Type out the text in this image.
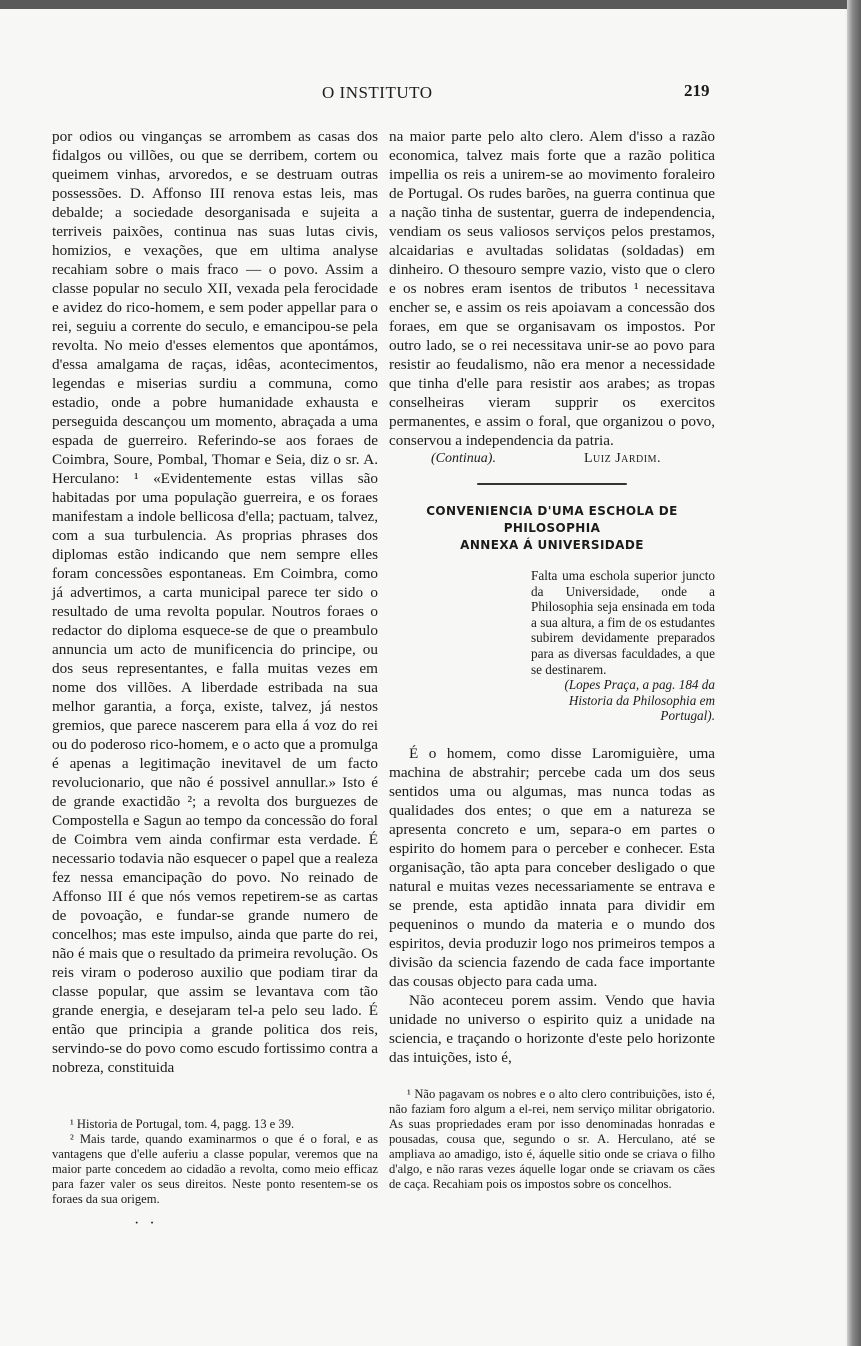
O INSTITUTO	219

por odios ou vinganças se arrombem as casas dos fidalgos ou villões, ou que se derribem, cortem ou queimem vinhas, arvoredos, e se destruam outras possessões. D. Affonso III renova estas leis, mas debalde; a sociedade desorganisada e sujeita a terriveis paixões, continua nas suas lutas civis, homizios, e vexações, que em ultima analyse recahiam sobre o mais fraco — o povo. Assim a classe popular no seculo XII, vexada pela ferocidade e avidez do rico-homem, e sem poder appellar para o rei, seguiu a corrente do seculo, e emancipou-se pela revolta. No meio d'esses elementos que apontámos, d'essa amalgama de raças, idêas, acontecimentos, legendas e miserias surdiu a communa, como estadio, onde a pobre humanidade exhausta e perseguida descançou um momento, abraçada a uma espada de guerreiro. Referindo-se aos foraes de Coimbra, Soure, Pombal, Thomar e Seia, diz o sr. A. Herculano: ¹ «Evidentemente estas villas são habitadas por uma população guerreira, e os foraes manifestam a indole bellicosa d'ella; pactuam, talvez, com a sua turbulencia. As proprias phrases dos diplomas estão indicando que nem sempre elles foram concessões espontaneas. Em Coimbra, como já advertimos, a carta municipal parece ter sido o resultado de uma revolta popular. Noutros foraes o redactor do diploma esquece-se de que o preambulo annuncia um acto de munificencia do principe, ou dos seus representantes, e falla muitas vezes em nome dos villões. A liberdade estribada na sua melhor garantia, a força, existe, talvez, já nestos gremios, que parece nascerem para ella á voz do rei ou do poderoso rico-homem, e o acto que a promulga é apenas a legitimação inevitavel de um facto revolucionario, que não é possivel annullar.» Isto é de grande exactidão ²; a revolta dos burguezes de Compostella e Sagun ao tempo da concessão do foral de Coimbra vem ainda confirmar esta verdade. É necessario todavia não esquecer o papel que a realeza fez nessa emancipação do povo. No reinado de Affonso III é que nós vemos repetirem-se as cartas de povoação, e fundar-se grande numero de concelhos; mas este impulso, ainda que parte do rei, não é mais que o resultado da primeira revolução. Os reis viram o poderoso auxilio que podiam tirar da classe popular, que assim se levantava com tão grande energia, e desejaram tel-a pelo seu lado. É então que principia a grande politica dos reis, servindo-se do povo como escudo fortissimo contra a nobreza, constituida

na maior parte pelo alto clero. Alem d'isso a razão economica, talvez mais forte que a razão politica impellia os reis a unirem-se ao movimento foraleiro de Portugal. Os rudes barões, na guerra continua que a nação tinha de sustentar, guerra de independencia, vendiam os seus valiosos serviços pelos prestamos, alcaidarias e avultadas solidatas (soldadas) em dinheiro. O thesouro sempre vazio, visto que o clero e os nobres eram isentos de tributos ¹ necessitava encher se, e assim os reis apoiavam a concessão dos foraes, em que se organisavam os impostos. Por outro lado, se o rei necessitava unir-se ao povo para resistir ao feudalismo, não era menor a necessidade que tinha d'elle para resistir aos arabes; as tropas conselheiras vieram supprir os exercitos permanentes, e assim o foral, que organizou o povo, conservou a independencia da patria.

(Continua).	Luiz Jardim.

CONVENIENCIA D'UMA ESCHOLA DE PHILOSOPHIA
ANNEXA Á UNIVERSIDADE

Falta uma eschola superior juncto da Universidade, onde a Philosophia seja ensinada em toda a sua altura, a fim de os estudantes subirem devidamente preparados para as diversas faculdades, a que se destinarem.
(Lopes Praça, a pag. 184 da Historia da Philosophia em Portugal).

É o homem, como disse Laromiguière, uma machina de abstrahir; percebe cada um dos seus sentidos uma ou algumas, mas nunca todas as qualidades dos entes; o que em a natureza se apresenta concreto e um, separa-o em partes o espirito do homem para o perceber e conhecer. Esta organisação, tão apta para conceber desligado o que natural e muitas vezes necessariamente se entrava e se prende, esta aptidão innata para dividir em pequeninos o mundo da materia e o mundo dos espiritos, devia produzir logo nos primeiros tempos a divisão da sciencia fazendo de cada face importante das cousas objecto para cada uma.

Não aconteceu porem assim. Vendo que havia unidade no universo o espirito quiz a unidade na sciencia, e traçando o horizonte d'este pelo horizonte das intuições, isto é,

¹ Historia de Portugal, tom. 4, pagg. 13 e 39.

² Mais tarde, quando examinarmos o que é o foral, e as vantagens que d'elle auferiu a classe popular, veremos que na maior parte concedem ao cidadão a revolta, como meio efficaz para fazer valer os seus direitos. Neste ponto resentem-se os foraes da sua origem.

¹ Não pagavam os nobres e o alto clero contribuições, isto é, não faziam foro algum a el-rei, nem serviço militar obrigatorio. As suas propriedades eram por isso denominadas honradas e pousadas, cousa que, segundo o sr. A. Herculano, até se ampliava ao amadigo, isto é, áquelle sitio onde se criava o filho d'algo, e não raras vezes áquelle logar onde se criavam os cães de caça. Recahiam pois os impostos sobre os concelhos.

· ·
